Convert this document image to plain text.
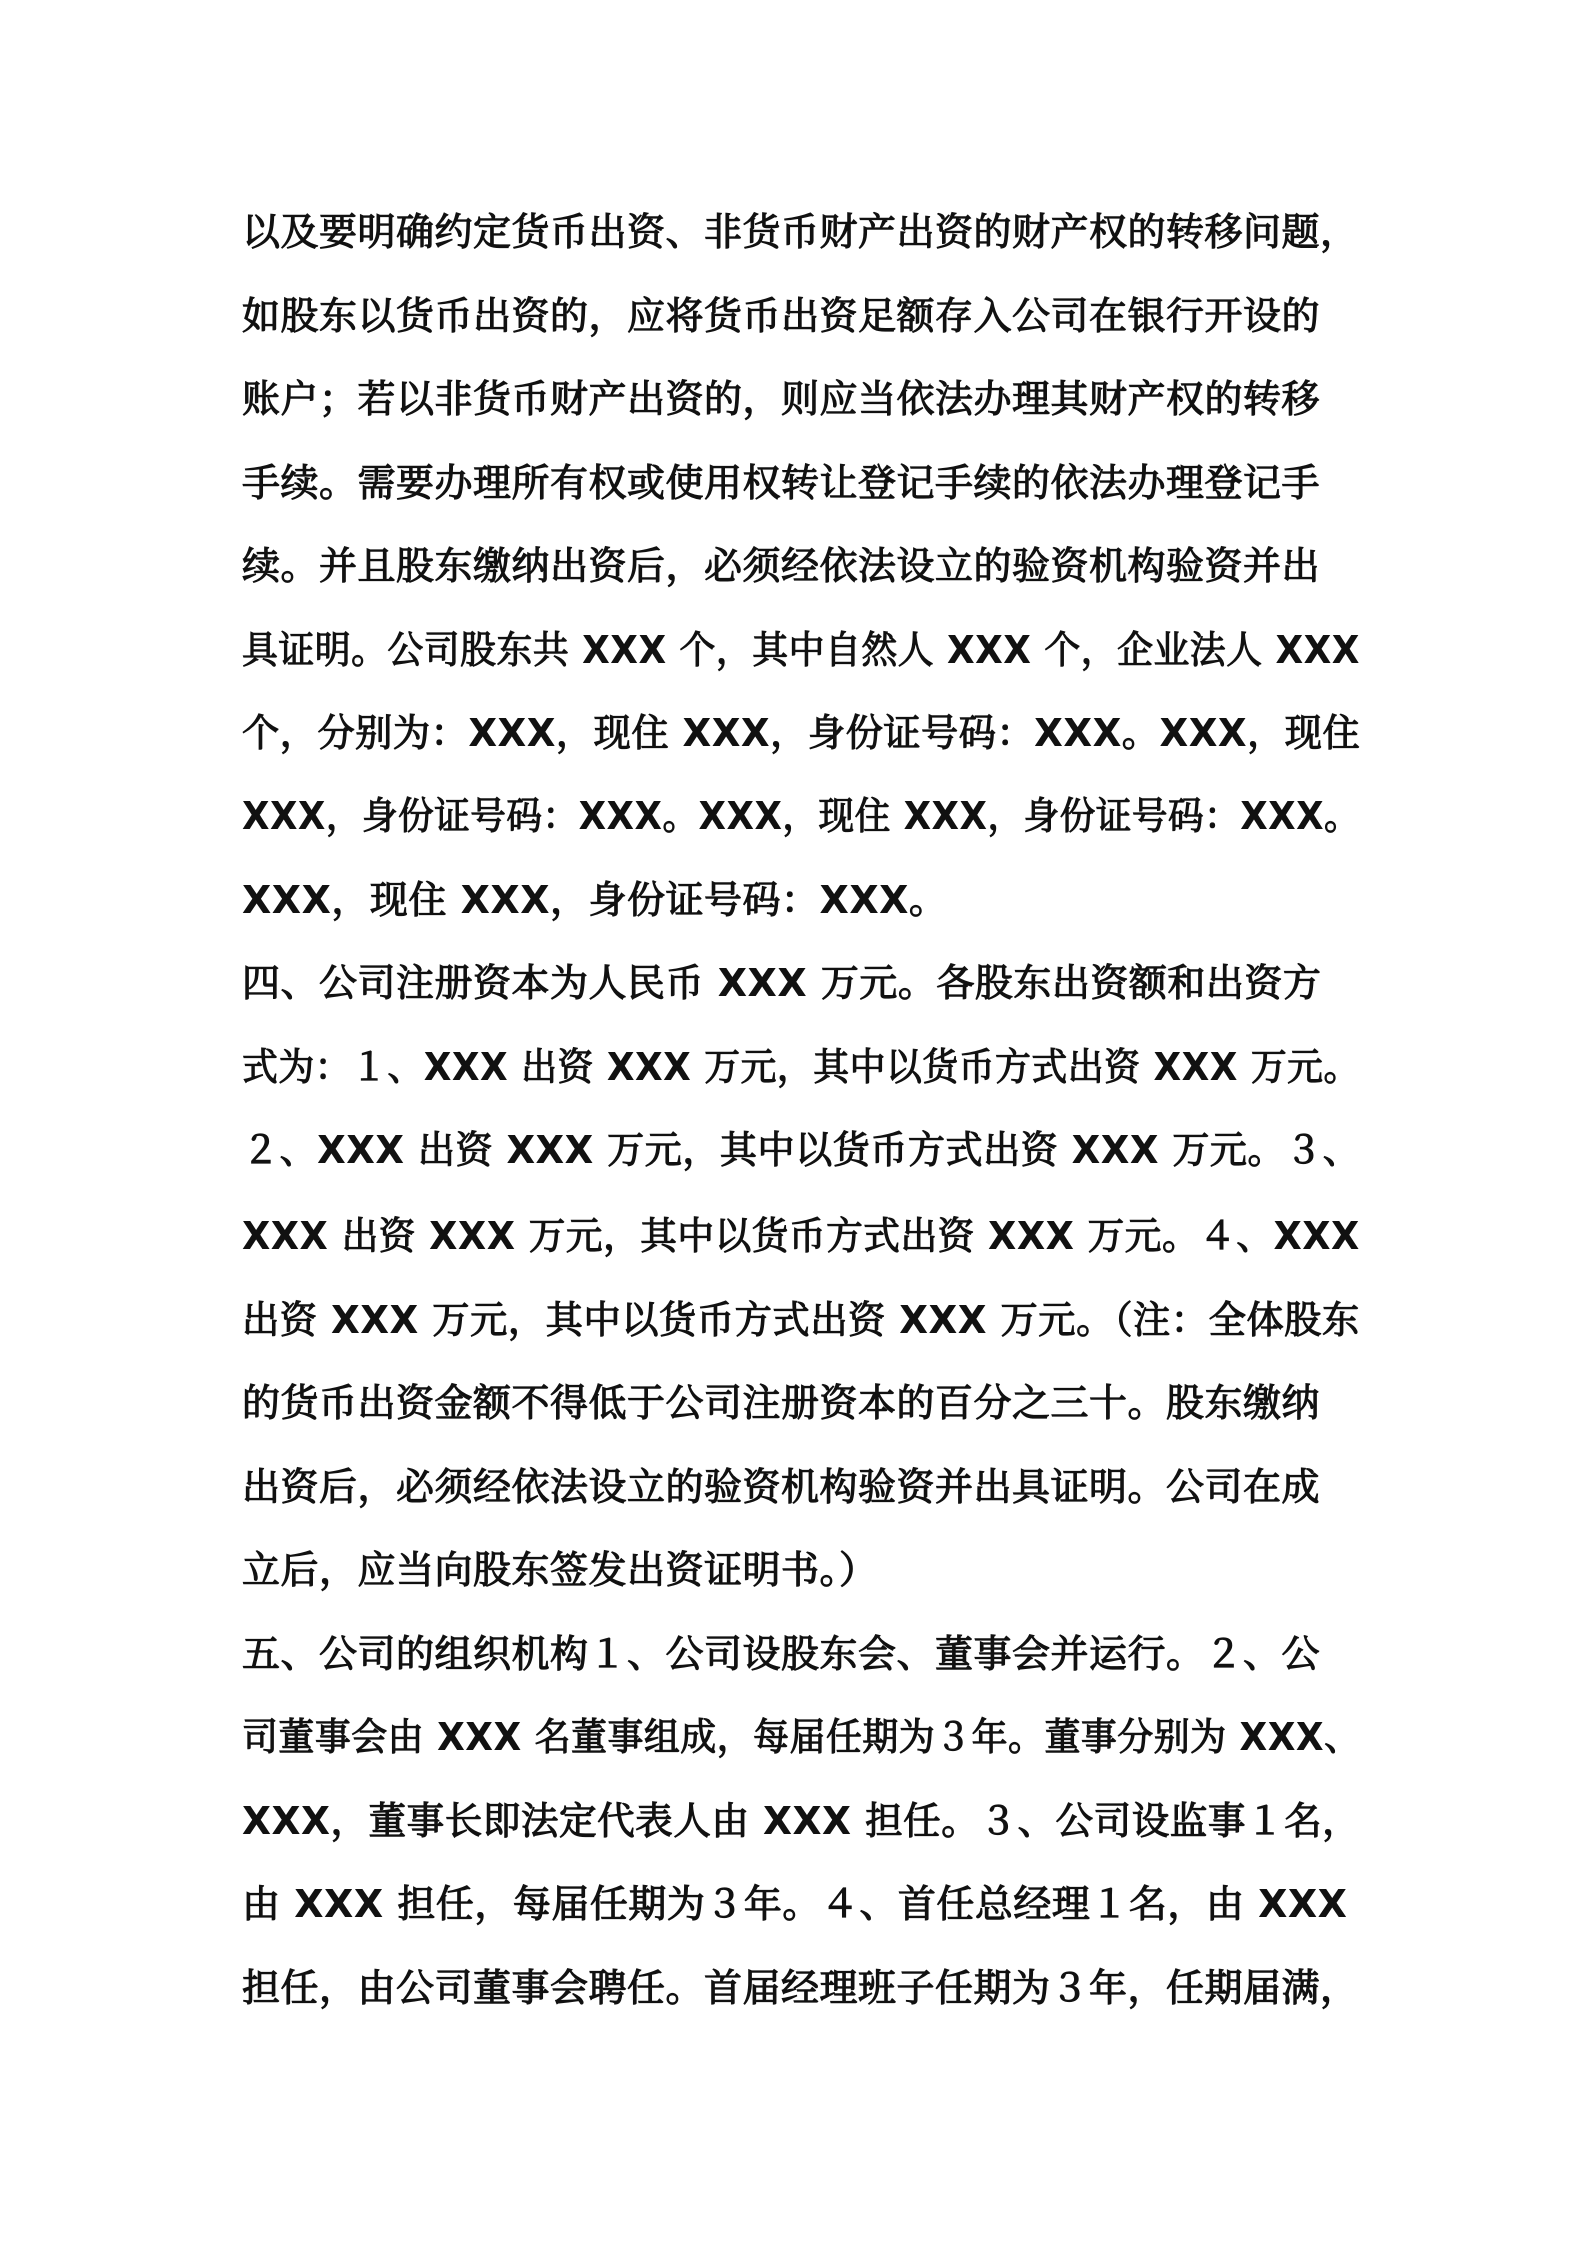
以及要明确约定货币出资、非货币财产出资的财产权的转移问题，
如股东以货币出资的，应将货币出资足额存入公司在银行开设的
账户；若以非货币财产出资的，则应当依法办理其财产权的转移
手续。需要办理所有权或使用权转让登记手续的依法办理登记手
续。并且股东缴纳出资后，必须经依法设立的验资机构验资并出
具证明。公司股东共 XXX 个，其中自然人 XXX 个，企业法人 XXX
个，分别为：XXX，现住 XXX，身份证号码：XXX。XXX，现住
XXX，身份证号码：XXX。XXX，现住 XXX，身份证号码：XXX。
XXX，现住 XXX，身份证号码：XXX。
四、公司注册资本为人民币 XXX 万元。各股东出资额和出资方
式为：１、XXX 出资 XXX 万元，其中以货币方式出资 XXX 万元。
２、XXX 出资 XXX 万元，其中以货币方式出资 XXX 万元。３、
XXX 出资 XXX 万元，其中以货币方式出资 XXX 万元。４、XXX
出资 XXX 万元，其中以货币方式出资 XXX 万元。（注：全体股东
的货币出资金额不得低于公司注册资本的百分之三十。股东缴纳
出资后，必须经依法设立的验资机构验资并出具证明。公司在成
立后，应当向股东签发出资证明书。）
五、公司的组织机构１、公司设股东会、董事会并运行。２、公
司董事会由 XXX 名董事组成，每届任期为３年。董事分别为 XXX、
XXX，董事长即法定代表人由 XXX 担任。３、公司设监事１名，
由 XXX 担任，每届任期为３年。４、首任总经理１名，由 XXX
担任，由公司董事会聘任。首届经理班子任期为３年，任期届满，
